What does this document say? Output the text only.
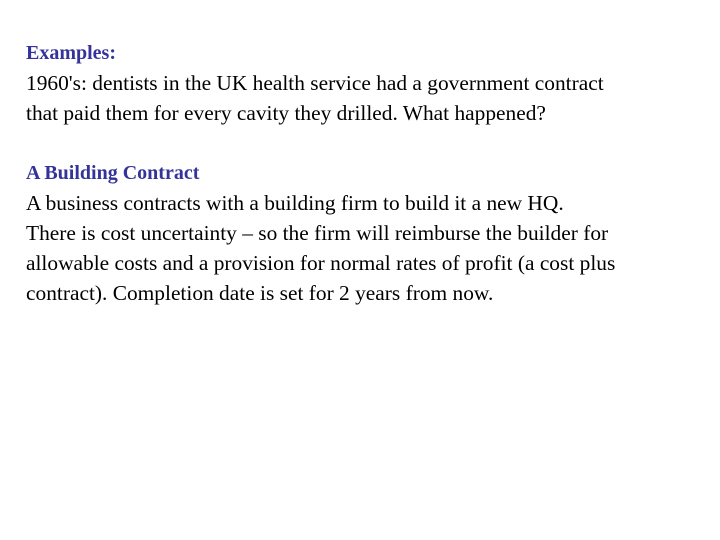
Examples:

1960's: dentists in the UK health service had a government contract
that paid them for every cavity they drilled. What happened?

A Building Contract

A business contracts with a building firm to build it a new HQ.
There is cost uncertainty – so the firm will reimburse the builder for
allowable costs and a provision for normal rates of profit (a cost plus
contract). Completion date is set for 2 years from now.
